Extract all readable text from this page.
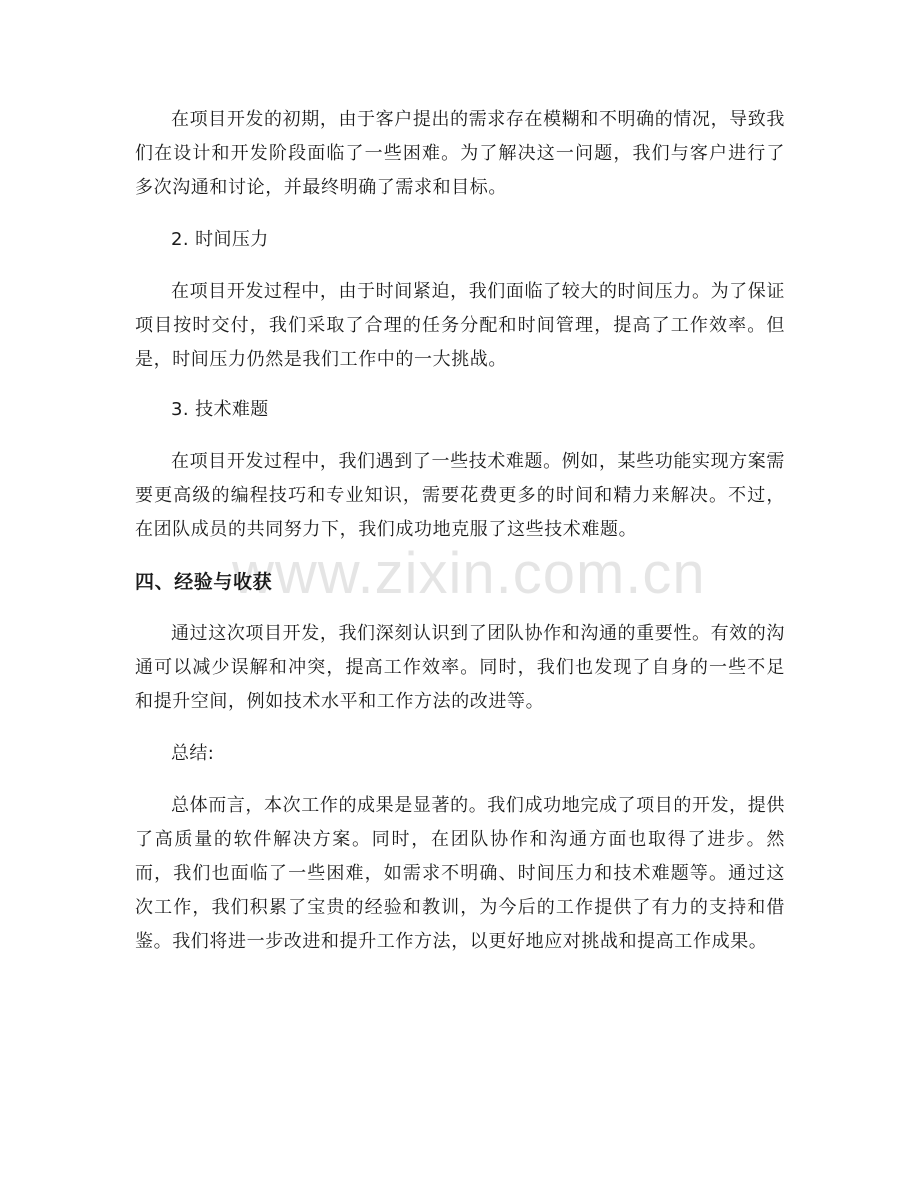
在项目开发的初期，由于客户提出的需求存在模糊和不明确的情况，导致我们在设计和开发阶段面临了一些困难。为了解决这一问题，我们与客户进行了多次沟通和讨论，并最终明确了需求和目标。

2. 时间压力

在项目开发过程中，由于时间紧迫，我们面临了较大的时间压力。为了保证项目按时交付，我们采取了合理的任务分配和时间管理，提高了工作效率。但是，时间压力仍然是我们工作中的一大挑战。

3. 技术难题

在项目开发过程中，我们遇到了一些技术难题。例如，某些功能实现方案需要更高级的编程技巧和专业知识，需要花费更多的时间和精力来解决。不过，在团队成员的共同努力下，我们成功地克服了这些技术难题。

四、经验与收获

通过这次项目开发，我们深刻认识到了团队协作和沟通的重要性。有效的沟通可以减少误解和冲突，提高工作效率。同时，我们也发现了自身的一些不足和提升空间，例如技术水平和工作方法的改进等。

总结:

总体而言，本次工作的成果是显著的。我们成功地完成了项目的开发，提供了高质量的软件解决方案。同时，在团队协作和沟通方面也取得了进步。然而，我们也面临了一些困难，如需求不明确、时间压力和技术难题等。通过这次工作，我们积累了宝贵的经验和教训，为今后的工作提供了有力的支持和借鉴。我们将进一步改进和提升工作方法，以更好地应对挑战和提高工作成果。

www.zixin.com.cn
